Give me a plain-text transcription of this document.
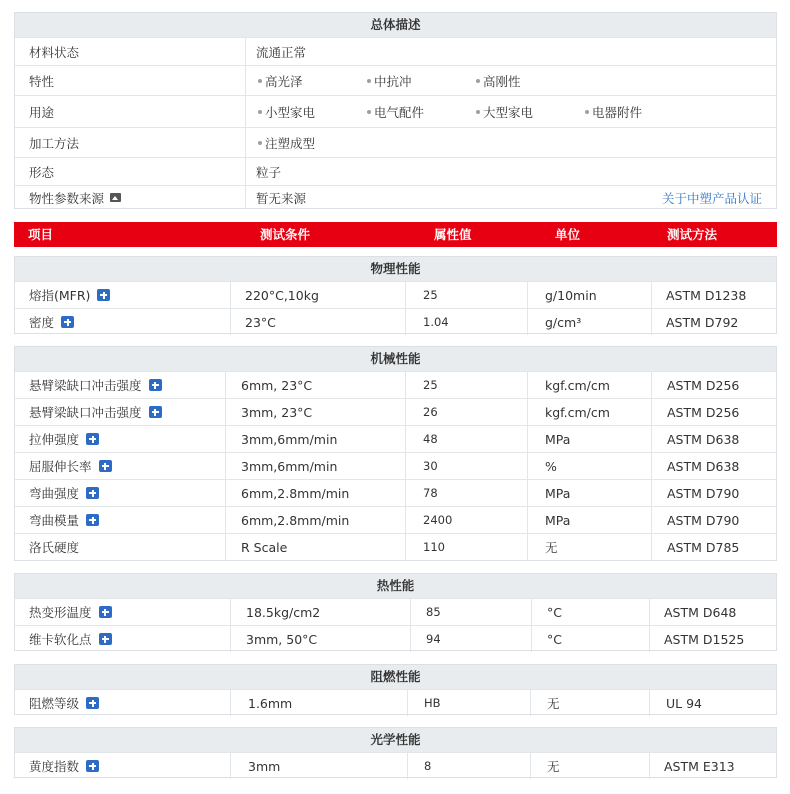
总体描述
材料状态	流通正常
特性	高光泽	中抗冲	高刚性
用途	小型家电	电气配件	大型家电	电器附件
加工方法	注塑成型
形态	粒子
物性参数来源	暂无来源	关于中塑产品认证
项目	测试条件	属性值	单位	测试方法
物理性能
熔指(MFR)	220°C,10kg	25	g/10min	ASTM D1238
密度	23°C	1.04	g/cm³	ASTM D792
机械性能
悬臂梁缺口冲击强度	6mm, 23°C	25	kgf.cm/cm	ASTM D256
悬臂梁缺口冲击强度	3mm, 23°C	26	kgf.cm/cm	ASTM D256
拉伸强度	3mm,6mm/min	48	MPa	ASTM D638
屈服伸长率	3mm,6mm/min	30	%	ASTM D638
弯曲强度	6mm,2.8mm/min	78	MPa	ASTM D790
弯曲模量	6mm,2.8mm/min	2400	MPa	ASTM D790
洛氏硬度	R Scale	110	无	ASTM D785
热性能
热变形温度	18.5kg/cm2	85	°C	ASTM D648
维卡软化点	3mm, 50°C	94	°C	ASTM D1525
阻燃性能
阻燃等级	1.6mm	HB	无	UL 94
光学性能
黄度指数	3mm	8	无	ASTM E313
